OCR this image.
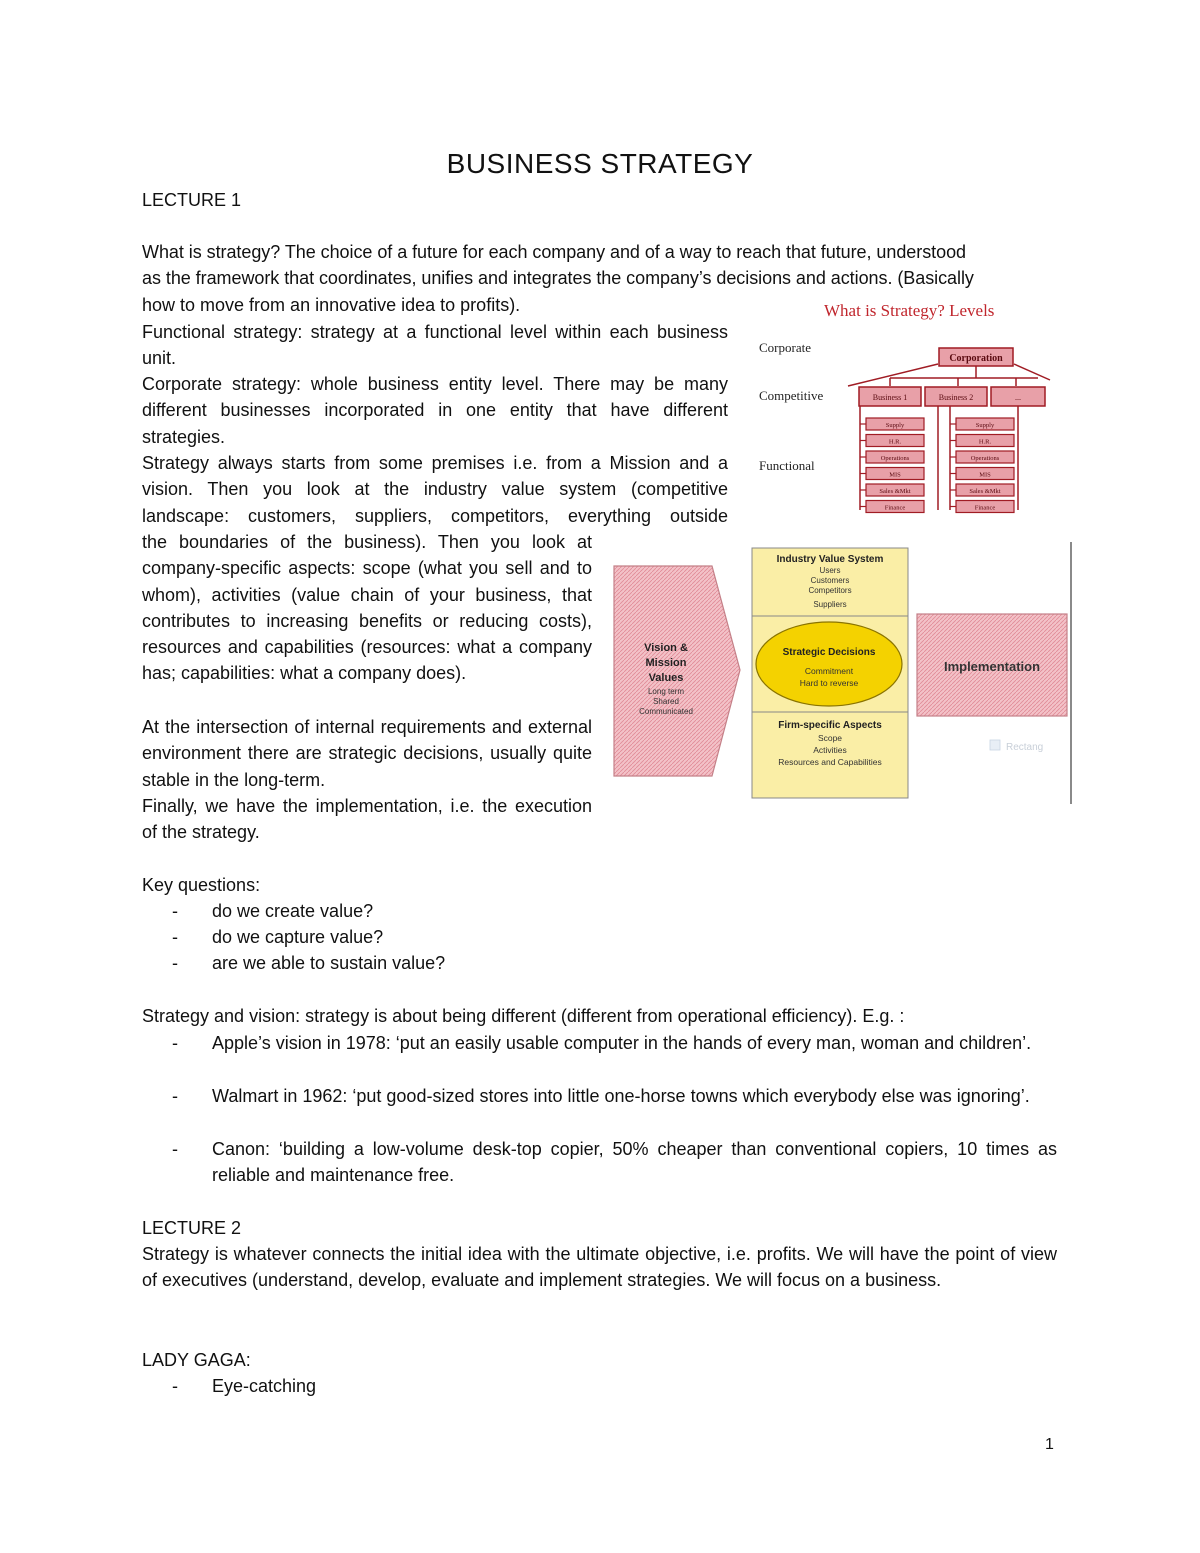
BUSINESS STRATEGY
LECTURE 1
What is strategy? The choice of a future for each company and of a way to reach that future, understood
as the framework that coordinates, unifies and integrates the company’s decisions and actions. (Basically
how to move from an innovative idea to profits).
Functional strategy: strategy at a functional level within each business unit.
Corporate strategy: whole business entity level. There may be many different businesses incorporated in one entity that have different strategies.
Strategy always starts from some premises i.e. from a Mission and a vision. Then you look at the industry value system (competitive landscape: customers, suppliers, competitors, everything outside
the boundaries of the business). Then you look at company-specific aspects: scope (what you sell and to whom), activities (value chain of your business, that contributes to increasing benefits or reducing costs), resources and capabilities (resources: what a company has; capabilities: what a company does).
At the intersection of internal requirements and external environment there are strategic decisions, usually quite stable in the long-term.
Finally, we have the implementation, i.e. the execution of the strategy.
Key questions:
- do we create value?
- do we capture value?
- are we able to sustain value?
Strategy and vision: strategy is about being different (different from operational efficiency). E.g. :
- Apple’s vision in 1978: ‘put an easily usable computer in the hands of every man, woman and children’.
- Walmart in 1962: ‘put good-sized stores into little one-horse towns which everybody else was ignoring’.
- Canon: ‘building a low-volume desk-top copier, 50% cheaper than conventional copiers, 10 times as reliable and maintenance free.
LECTURE 2
Strategy is whatever connects the initial idea with the ultimate objective, i.e. profits. We will have the point of view of executives (understand, develop, evaluate and implement strategies. We will focus on a business.
LADY GAGA:
- Eye-catching
1
What is Strategy? Levels
Corporate
Competitive
Functional
Corporation
Business 1	Business 2	...
Supply
H.R.
Operations
MIS
Sales &Mkt
Finance
Supply
H.R.
Operations
MIS
Sales &Mkt
Finance
Vision &
Mission
Values
Long term
Shared
Communicated
Industry Value System
Users
Customers
Competitors
Suppliers
Strategic Decisions
Commitment
Hard to reverse
Firm-specific Aspects
Scope
Activities
Resources and Capabilities
Implementation
Rectang
